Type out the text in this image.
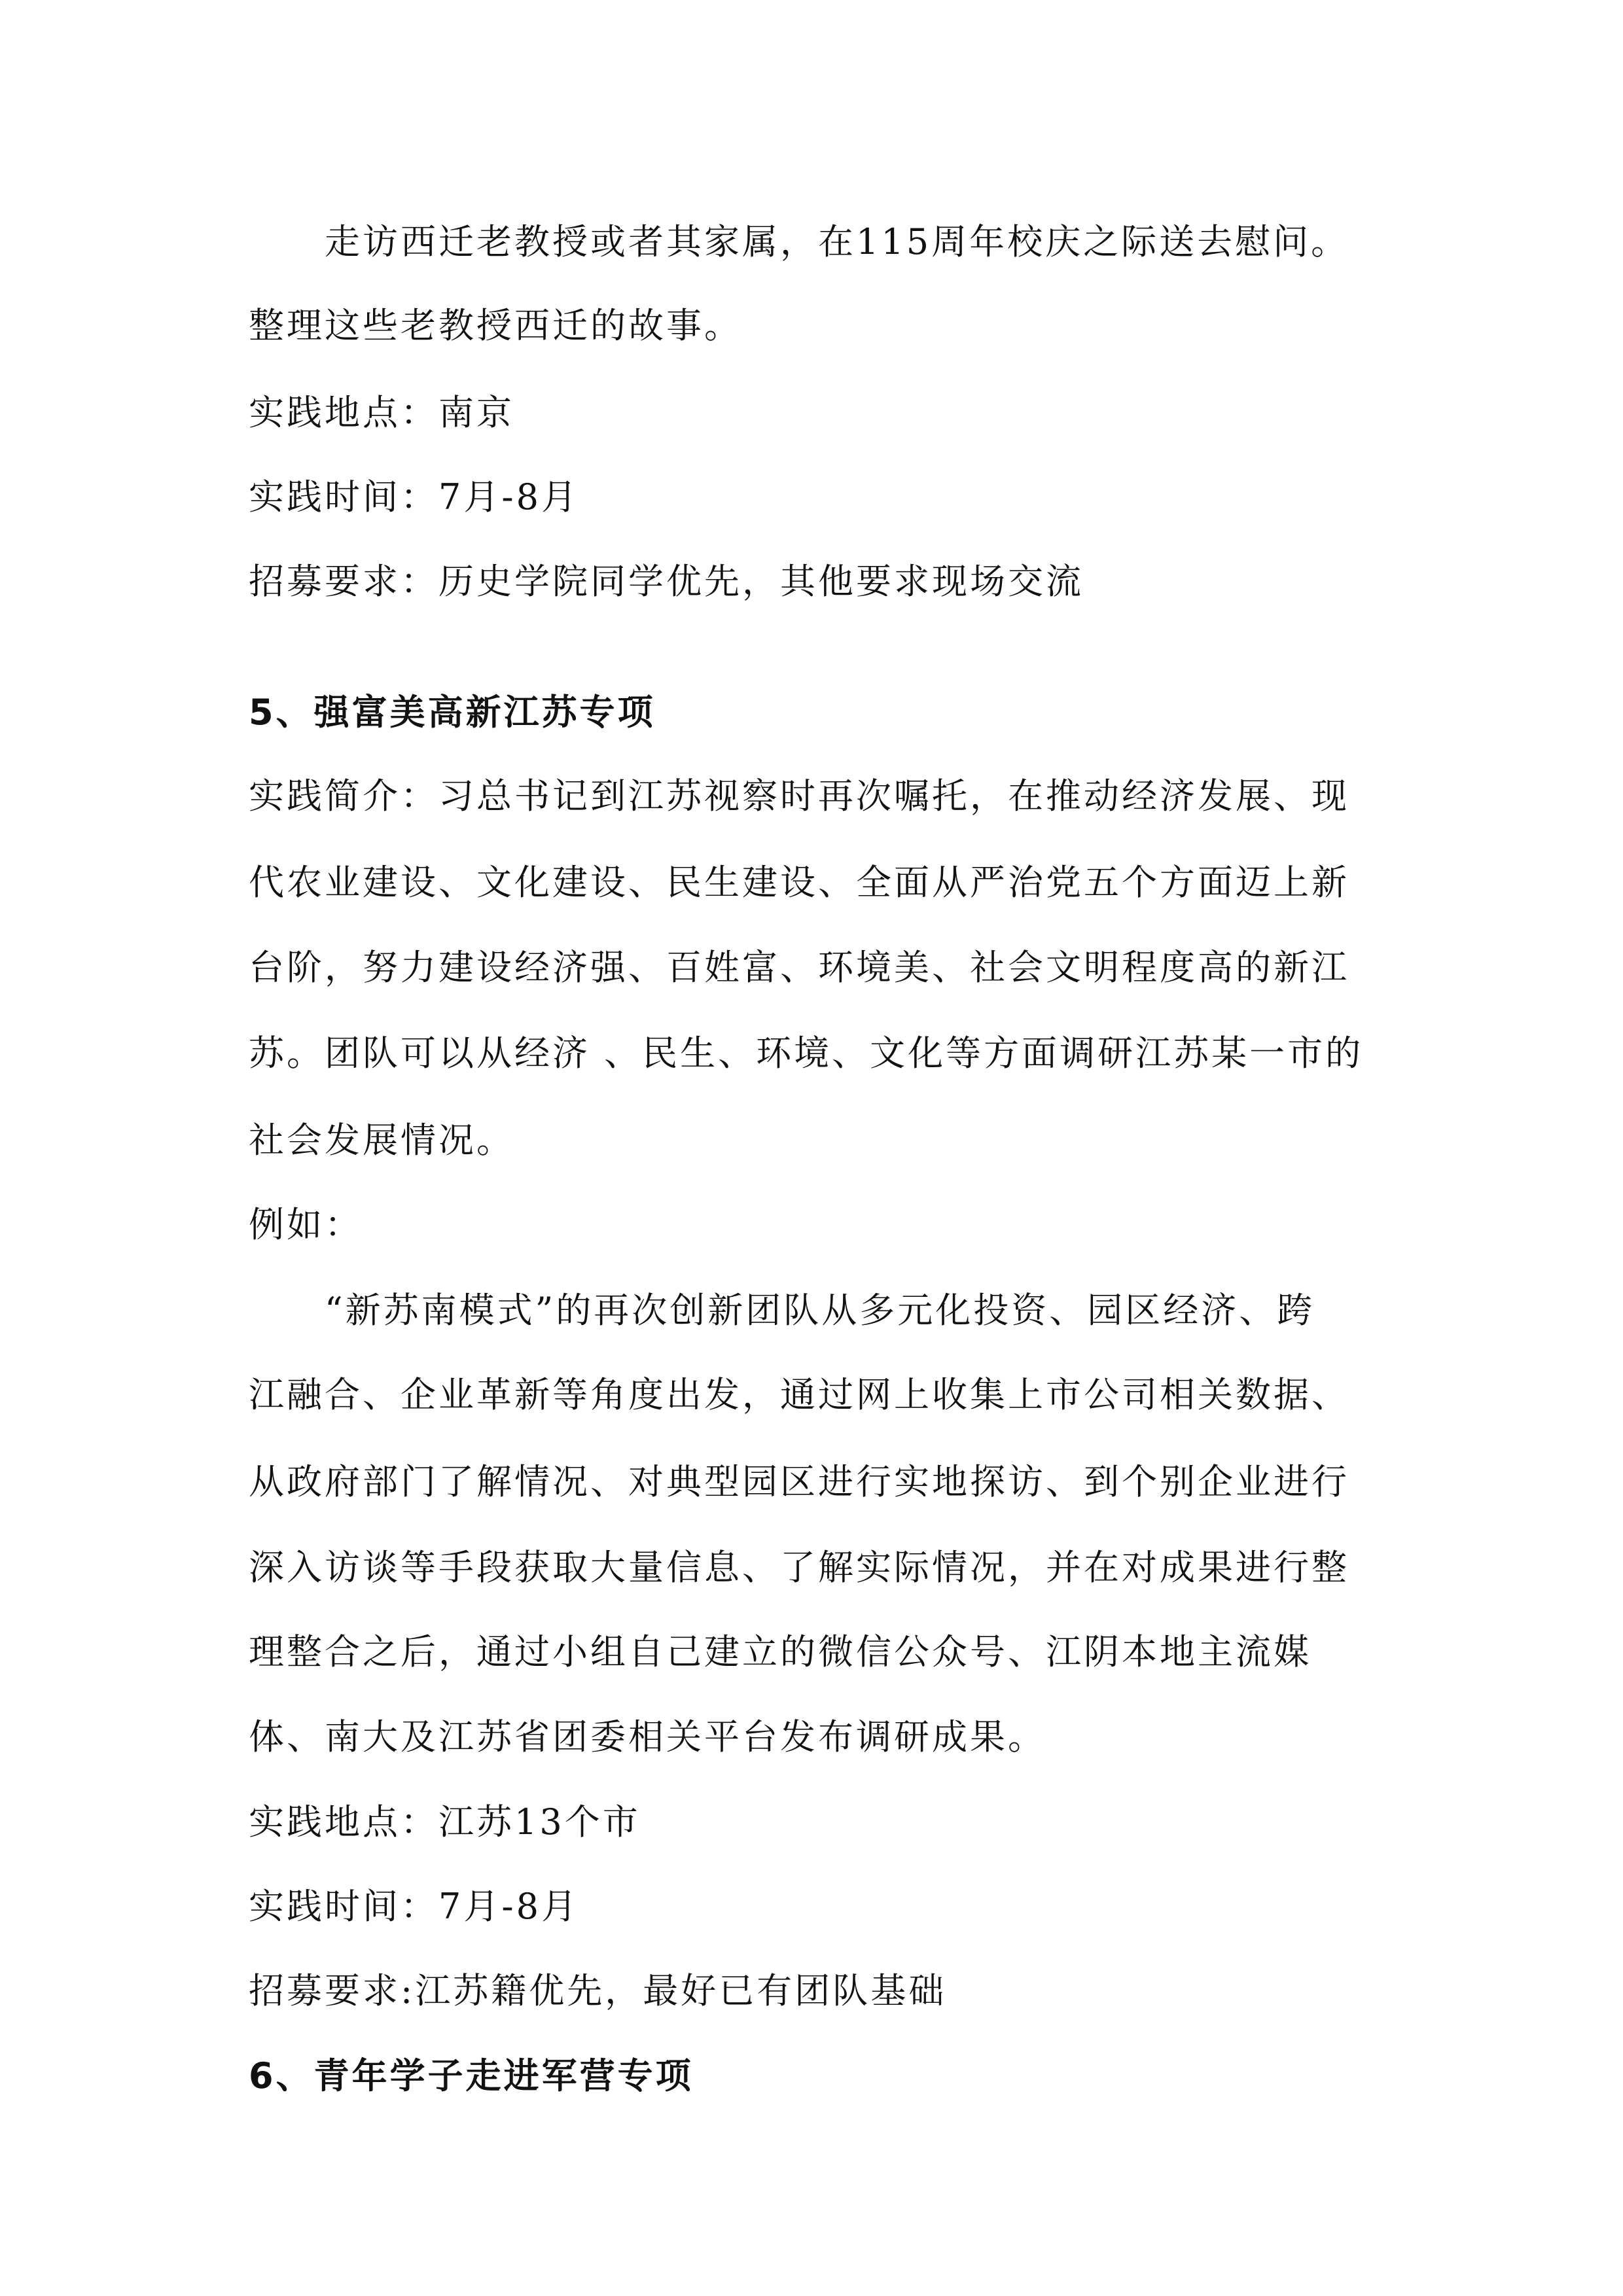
走访西迁老教授或者其家属，在115周年校庆之际送去慰问。
整理这些老教授西迁的故事。
实践地点：南京
实践时间：7月-8月
招募要求：历史学院同学优先，其他要求现场交流
5、强富美高新江苏专项
实践简介：习总书记到江苏视察时再次嘱托，在推动经济发展、现
代农业建设、文化建设、民生建设、全面从严治党五个方面迈上新
台阶，努力建设经济强、百姓富、环境美、社会文明程度高的新江
苏。团队可以从经济 、民生、环境、文化等方面调研江苏某一市的
社会发展情况。
例如：
“新苏南模式”的再次创新团队从多元化投资、园区经济、跨
江融合、企业革新等角度出发，通过网上收集上市公司相关数据、
从政府部门了解情况、对典型园区进行实地探访、到个别企业进行
深入访谈等手段获取大量信息、了解实际情况，并在对成果进行整
理整合之后，通过小组自己建立的微信公众号、江阴本地主流媒
体、南大及江苏省团委相关平台发布调研成果。
实践地点：江苏13个市
实践时间：7月-8月
招募要求:江苏籍优先，最好已有团队基础
6、青年学子走进军营专项
